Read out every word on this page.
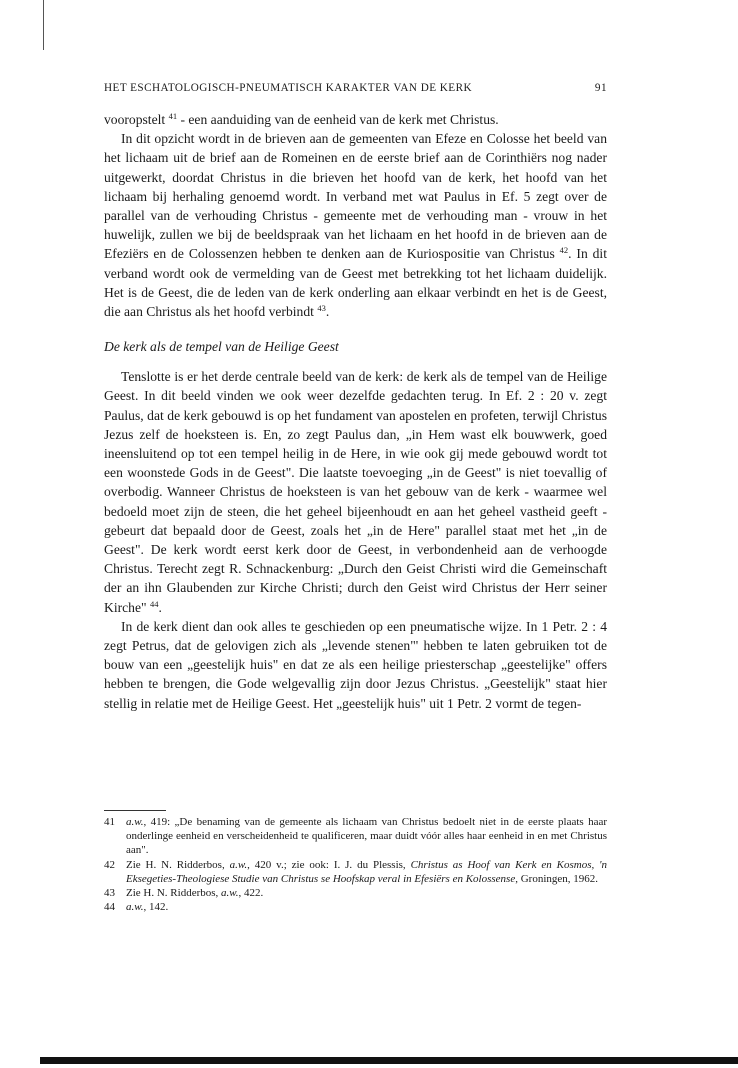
HET ESCHATOLOGISCH-PNEUMATISCH KARAKTER VAN DE KERK	91

vooropstelt $^{41}$ - een aanduiding van de eenheid van de kerk met Christus.

In dit opzicht wordt in de brieven aan de gemeenten van Efeze en Colosse het beeld van het lichaam uit de brief aan de Romeinen en de eerste brief aan de Corinthiërs nog nader uitgewerkt, doordat Christus in die brieven het hoofd van de kerk, het hoofd van het lichaam bij herhaling genoemd wordt. In verband met wat Paulus in Ef. 5 zegt over de parallel van de verhouding Christus - gemeente met de verhouding man - vrouw in het huwelijk, zullen we bij de beeldspraak van het lichaam en het hoofd in de brieven aan de Efeziërs en de Colossenzen hebben te denken aan de Kuriospositie van Christus $^{42}$. In dit verband wordt ook de vermelding van de Geest met betrekking tot het lichaam duidelijk. Het is de Geest, die de leden van de kerk onderling aan elkaar verbindt en het is de Geest, die aan Christus als het hoofd verbindt $^{43}$.

De kerk als de tempel van de Heilige Geest

Tenslotte is er het derde centrale beeld van de kerk: de kerk als de tempel van de Heilige Geest. In dit beeld vinden we ook weer dezelfde gedachten terug. In Ef. 2 : 20 v. zegt Paulus, dat de kerk gebouwd is op het fundament van apostelen en profeten, terwijl Christus Jezus zelf de hoeksteen is. En, zo zegt Paulus dan, „in Hem wast elk bouwwerk, goed ineensluitend op tot een tempel heilig in de Here, in wie ook gij mede gebouwd wordt tot een woonstede Gods in de Geest". Die laatste toevoeging „in de Geest" is niet toevallig of overbodig. Wanneer Christus de hoeksteen is van het gebouw van de kerk - waarmee wel bedoeld moet zijn de steen, die het geheel bijeenhoudt en aan het geheel vastheid geeft - gebeurt dat bepaald door de Geest, zoals het „in de Here" parallel staat met het „in de Geest". De kerk wordt eerst kerk door de Geest, in verbondenheid aan de verhoogde Christus. Terecht zegt R. Schnackenburg: „Durch den Geist Christi wird die Gemeinschaft der an ihn Glaubenden zur Kirche Christi; durch den Geist wird Christus der Herr seiner Kirche" $^{44}$.

In de kerk dient dan ook alles te geschieden op een pneumatische wijze. In 1 Petr. 2 : 4 zegt Petrus, dat de gelovigen zich als „levende stenen"' hebben te laten gebruiken tot de bouw van een „geestelijk huis" en dat ze als een heilige priesterschap „geestelijke" offers hebben te brengen, die Gode welgevallig zijn door Jezus Christus. „Geestelijk" staat hier stellig in relatie met de Heilige Geest. Het „geestelijk huis" uit 1 Petr. 2 vormt de tegen-

41	a.w., 419: „De benaming van de gemeente als lichaam van Christus bedoelt niet in de eerste plaats haar onderlinge eenheid en verscheidenheid te qualificeren, maar duidt vóór alles haar eenheid in en met Christus aan".
42	Zie H. N. Ridderbos, a.w., 420 v.; zie ook: I. J. du Plessis, Christus as Hoof van Kerk en Kosmos, 'n Eksegeties-Theologiese Studie van Christus se Hoofskap veral in Efesiërs en Kolossense, Groningen, 1962.
43	Zie H. N. Ridderbos, a.w., 422.
44	a.w., 142.
